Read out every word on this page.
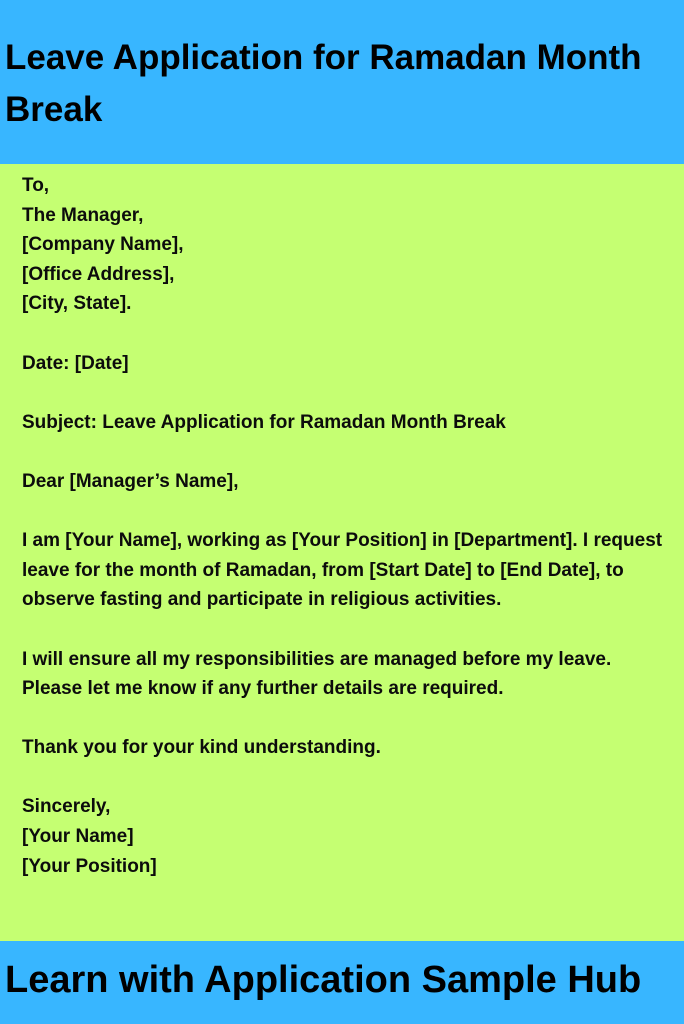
Leave Application for Ramadan Month Break
To,
The Manager,
[Company Name],
[Office Address],
[City, State].
Date: [Date]
Subject: Leave Application for Ramadan Month Break
Dear [Manager’s Name],
I am [Your Name], working as [Your Position] in [Department]. I request leave for the month of Ramadan, from [Start Date] to [End Date], to observe fasting and participate in religious activities.
I will ensure all my responsibilities are managed before my leave. Please let me know if any further details are required.
Thank you for your kind understanding.
Sincerely,
[Your Name]
[Your Position]

Learn with Application Sample Hub
